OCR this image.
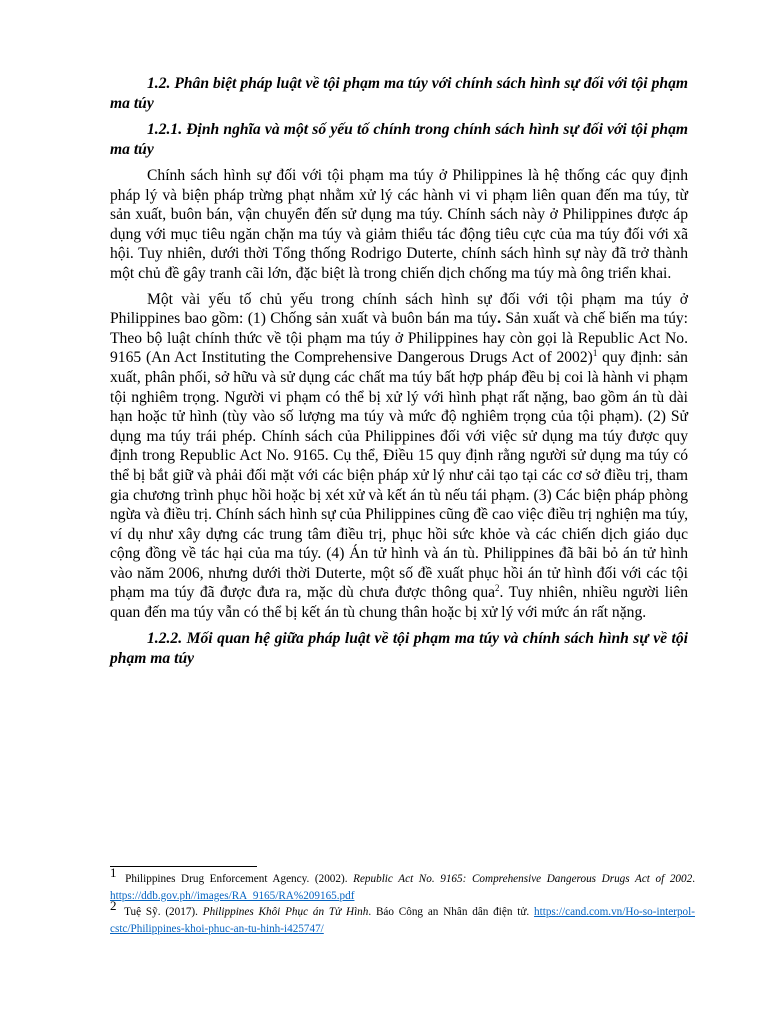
1.2. Phân biệt pháp luật về tội phạm ma túy với chính sách hình sự đối với tội phạm ma túy

1.2.1. Định nghĩa và một số yếu tố chính trong chính sách hình sự đối với tội phạm ma túy

Chính sách hình sự đối với tội phạm ma túy ở Philippines là hệ thống các quy định pháp lý và biện pháp trừng phạt nhằm xử lý các hành vi vi phạm liên quan đến ma túy, từ sản xuất, buôn bán, vận chuyển đến sử dụng ma túy. Chính sách này ở Philippines được áp dụng với mục tiêu ngăn chặn ma túy và giảm thiểu tác động tiêu cực của ma túy đối với xã hội. Tuy nhiên, dưới thời Tổng thống Rodrigo Duterte, chính sách hình sự này đã trở thành một chủ đề gây tranh cãi lớn, đặc biệt là trong chiến dịch chống ma túy mà ông triển khai.

Một vài yếu tố chủ yếu trong chính sách hình sự đối với tội phạm ma túy ở Philippines bao gồm: (1) Chống sản xuất và buôn bán ma túy. Sản xuất và chế biến ma túy: Theo bộ luật chính thức về tội phạm ma túy ở Philippines hay còn gọi là Republic Act No. 9165 (An Act Instituting the Comprehensive Dangerous Drugs Act of 2002)$^1$ quy định: sản xuất, phân phối, sở hữu và sử dụng các chất ma túy bất hợp pháp đều bị coi là hành vi phạm tội nghiêm trọng. Người vi phạm có thể bị xử lý với hình phạt rất nặng, bao gồm án tù dài hạn hoặc tử hình (tùy vào số lượng ma túy và mức độ nghiêm trọng của tội phạm). (2) Sử dụng ma túy trái phép. Chính sách của Philippines đối với việc sử dụng ma túy được quy định trong Republic Act No. 9165. Cụ thể, Điều 15 quy định rằng người sử dụng ma túy có thể bị bắt giữ và phải đối mặt với các biện pháp xử lý như cải tạo tại các cơ sở điều trị, tham gia chương trình phục hồi hoặc bị xét xử và kết án tù nếu tái phạm. (3) Các biện pháp phòng ngừa và điều trị. Chính sách hình sự của Philippines cũng đề cao việc điều trị nghiện ma túy, ví dụ như xây dựng các trung tâm điều trị, phục hồi sức khỏe và các chiến dịch giáo dục cộng đồng về tác hại của ma túy. (4) Án tử hình và án tù. Philippines đã bãi bỏ án tử hình vào năm 2006, nhưng dưới thời Duterte, một số đề xuất phục hồi án tử hình đối với các tội phạm ma túy đã được đưa ra, mặc dù chưa được thông qua$^2$. Tuy nhiên, nhiều người liên quan đến ma túy vẫn có thể bị kết án tù chung thân hoặc bị xử lý với mức án rất nặng.

1.2.2. Mối quan hệ giữa pháp luật về tội phạm ma túy và chính sách hình sự về tội phạm ma túy

1 Philippines Drug Enforcement Agency. (2002). Republic Act No. 9165: Comprehensive Dangerous Drugs Act of 2002. https://ddb.gov.ph//images/RA_9165/RA%209165.pdf

2 Tuệ Sỹ. (2017). Philippines Khôi Phục án Tử Hình. Báo Công an Nhân dân điện tử. https://cand.com.vn/Ho-so-interpol-cstc/Philippines-khoi-phuc-an-tu-hinh-i425747/
